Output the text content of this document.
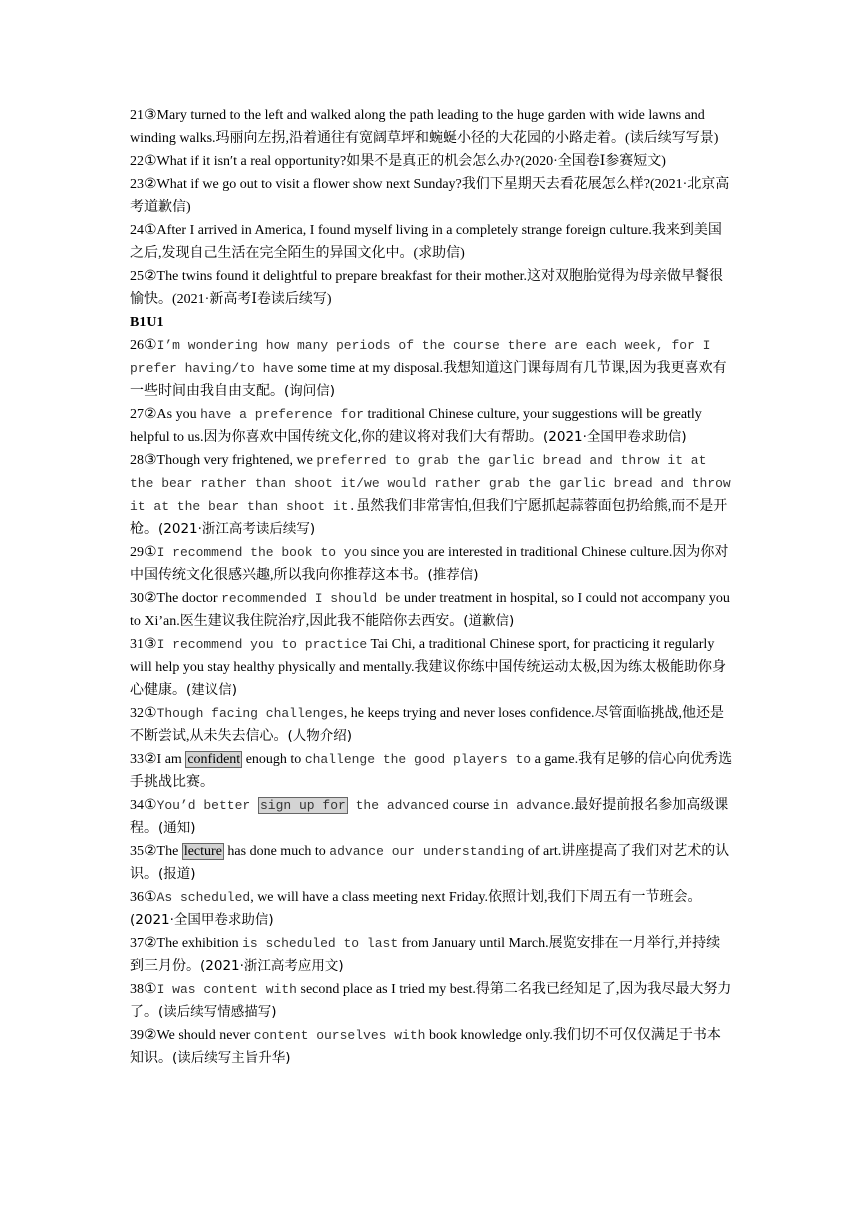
21③Mary turned to the left and walked along the path leading to the huge garden with wide lawns and winding walks.玛丽向左拐,沿着通往有宽阔草坪和蜿蜒小径的大花园的小路走着。(读后续写写景)

22①What if it isn′t a real opportunity?如果不是真正的机会怎么办?(2020·全国卷Ⅰ参赛短文)

23②What if we go out to visit a flower show next Sunday?我们下星期天去看花展怎么样?(2021·北京高考道歉信)

24①After I arrived in America, I found myself living in a completely strange foreign culture.我来到美国之后,发现自己生活在完全陌生的异国文化中。(求助信)

25②The twins found it delightful to prepare breakfast for their mother.这对双胞胎觉得为母亲做早餐很愉快。(2021·新高考Ⅰ卷读后续写)

B1U1

26①I’m wondering how many periods of the course there are each week, for I prefer having/to have some time at my disposal.我想知道这门课每周有几节课,因为我更喜欢有一些时间由我自由支配。(询问信)

27②As you have a preference for traditional Chinese culture, your suggestions will be greatly helpful to us.因为你喜欢中国传统文化,你的建议将对我们大有帮助。(2021·全国甲卷求助信)

28③Though very frightened, we preferred to grab the garlic bread and throw it at the bear rather than shoot it/we would rather grab the garlic bread and throw it at the bear than shoot it.虽然我们非常害怕,但我们宁愿抓起蒜蓉面包扔给熊,而不是开枪。(2021·浙江高考读后续写)

29①I recommend the book to you since you are interested in traditional Chinese culture.因为你对中国传统文化很感兴趣,所以我向你推荐这本书。(推荐信)

30②The doctor recommended I should be under treatment in hospital, so I could not accompany you to Xi’an.医生建议我住院治疗,因此我不能陪你去西安。(道歉信)

31③I recommend you to practice Tai Chi, a traditional Chinese sport, for practicing it regularly will help you stay healthy physically and mentally.我建议你练中国传统运动太极,因为练太极能助你身心健康。(建议信)

32①Though facing challenges, he keeps trying and never loses confidence.尽管面临挑战,他还是不断尝试,从未失去信心。(人物介绍)

33②I am confident enough to challenge the good players to a game.我有足够的信心向优秀选手挑战比赛。

34①You’d better sign up for the advanced course in advance.最好提前报名参加高级课程。(通知)

35②The lecture has done much to advance our understanding of art.讲座提高了我们对艺术的认识。(报道)

36①As scheduled, we will have a class meeting next Friday.依照计划,我们下周五有一节班会。(2021·全国甲卷求助信)

37②The exhibition is scheduled to last from January until March.展览安排在一月举行,并持续到三月份。(2021·浙江高考应用文)

38①I was content with second place as I tried my best.得第二名我已经知足了,因为我尽最大努力了。(读后续写情感描写)

39②We should never content ourselves with book knowledge only.我们切不可仅仅满足于书本知识。(读后续写主旨升华)
